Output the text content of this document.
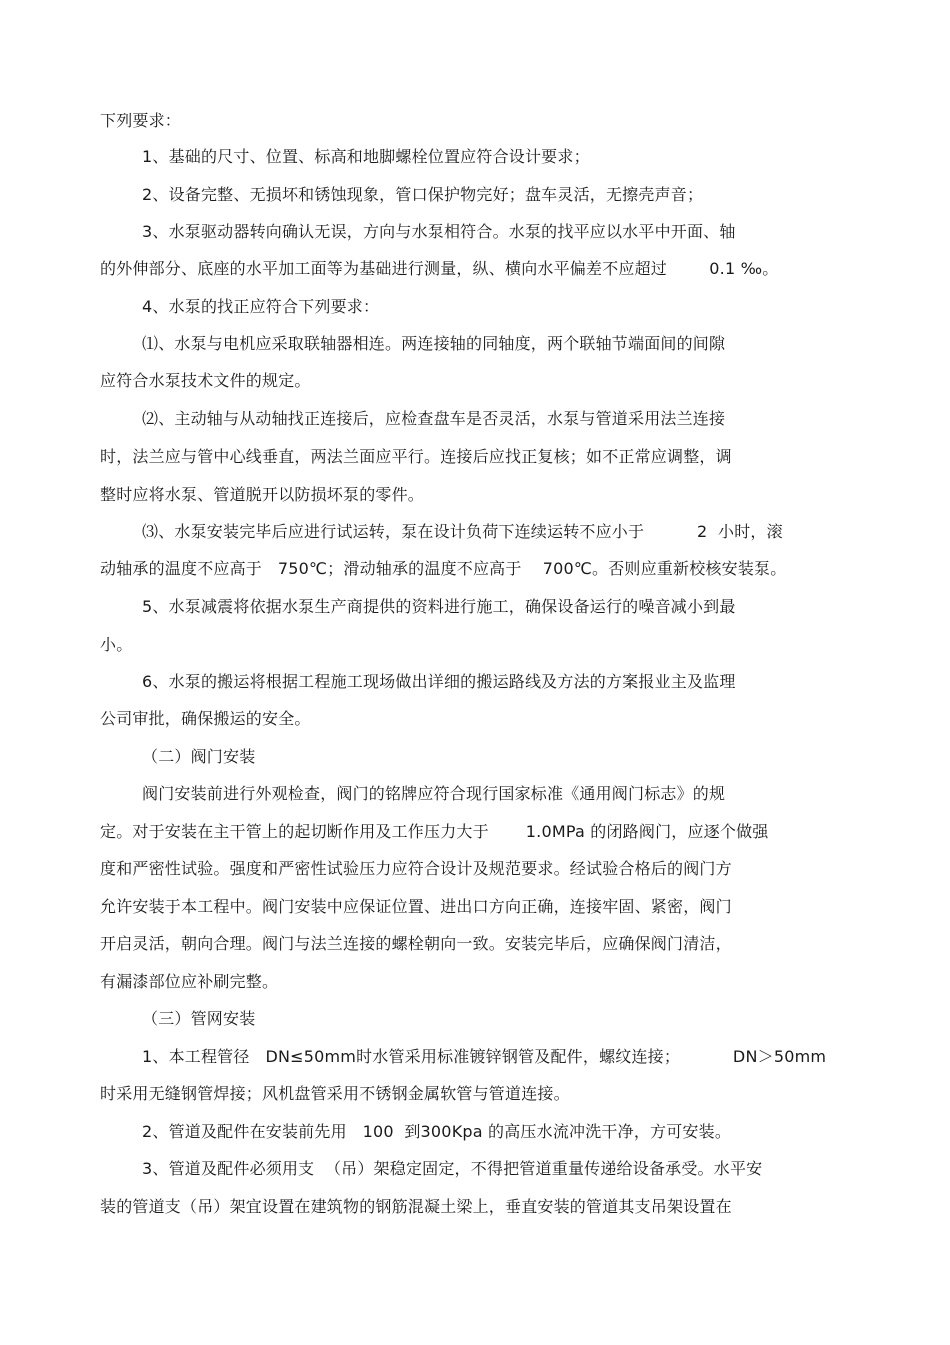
下列要求：
1、基础的尺寸、位置、标高和地脚螺栓位置应符合设计要求；
2、设备完整、无损坏和锈蚀现象，管口保护物完好；盘车灵活，无擦壳声音；
3、水泵驱动器转向确认无误，方向与水泵相符合。水泵的找平应以水平中开面、轴
的外伸部分、底座的水平加工面等为基础进行测量，纵、横向水平偏差不应超过        0.1 ‰。
4、水泵的找正应符合下列要求：
⑴、水泵与电机应采取联轴器相连。两连接轴的同轴度，两个联轴节端面间的间隙
应符合水泵技术文件的规定。
⑵、主动轴与从动轴找正连接后，应检查盘车是否灵活，水泵与管道采用法兰连接
时，法兰应与管中心线垂直，两法兰面应平行。连接后应找正复核；如不正常应调整，调
整时应将水泵、管道脱开以防损坏泵的零件。
⑶、水泵安装完毕后应进行试运转，泵在设计负荷下连续运转不应小于          2  小时，滚
动轴承的温度不应高于   750℃；滑动轴承的温度不应高于    700℃。否则应重新校核安装泵。
5、水泵减震将依据水泵生产商提供的资料进行施工，确保设备运行的噪音减小到最
小。
6、水泵的搬运将根据工程施工现场做出详细的搬运路线及方法的方案报业主及监理
公司审批，确保搬运的安全。
（二）阀门安装
阀门安装前进行外观检查，阀门的铭牌应符合现行国家标准《通用阀门标志》的规
定。对于安装在主干管上的起切断作用及工作压力大于       1.0MPa 的闭路阀门，应逐个做强
度和严密性试验。强度和严密性试验压力应符合设计及规范要求。经试验合格后的阀门方
允许安装于本工程中。阀门安装中应保证位置、进出口方向正确，连接牢固、紧密，阀门
开启灵活，朝向合理。阀门与法兰连接的螺栓朝向一致。安装完毕后，应确保阀门清洁，
有漏漆部位应补刷完整。
（三）管网安装
1、本工程管径   DN≤50mm时水管采用标准镀锌钢管及配件，螺纹连接；          DN＞50mm
时采用无缝钢管焊接；风机盘管采用不锈钢金属软管与管道连接。
2、管道及配件在安装前先用   100  到300Kpa 的高压水流冲洗干净，方可安装。
3、管道及配件必须用支  （吊）架稳定固定，不得把管道重量传递给设备承受。水平安
装的管道支（吊）架宜设置在建筑物的钢筋混凝土梁上，垂直安装的管道其支吊架设置在
